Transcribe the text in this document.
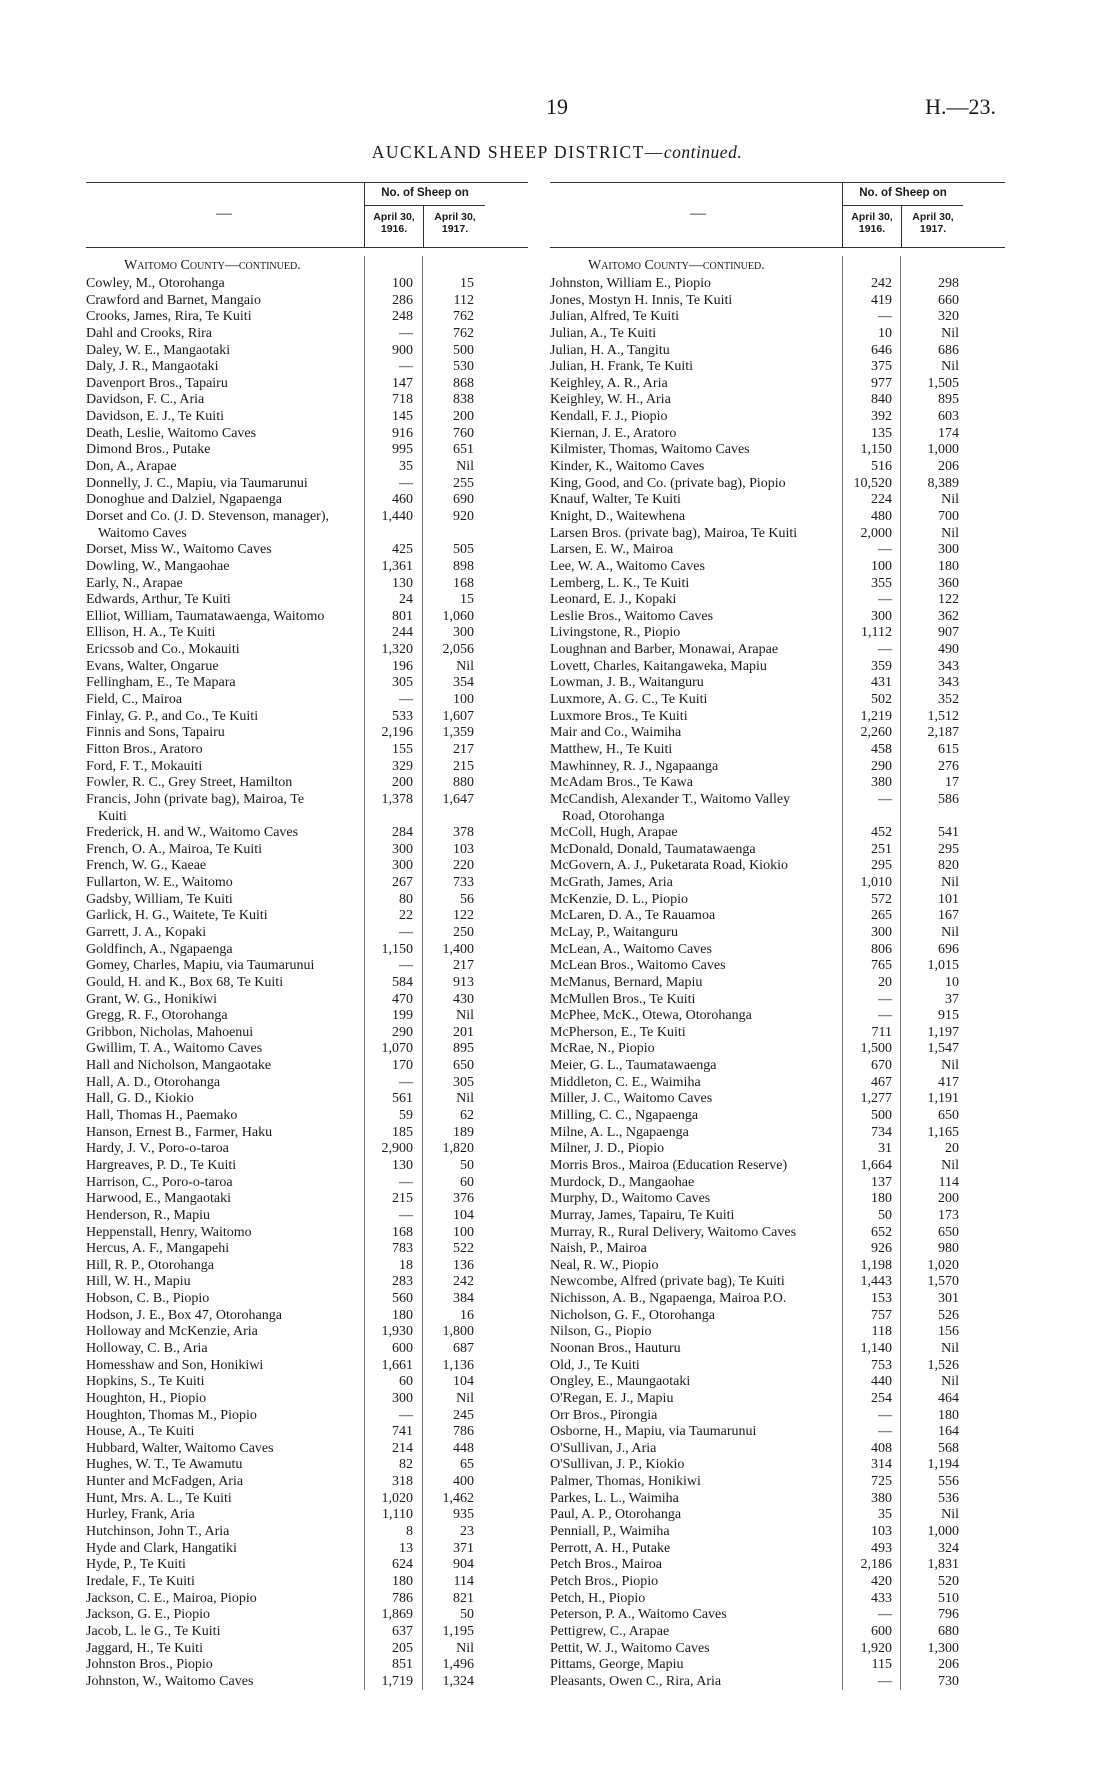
19	H.—23.
AUCKLAND SHEEP DISTRICT—continued.
—
No. of Sheep on
April 30,
1916.
April 30,
1917.
Waitomo County—continued.
Cowley, M., Otorohanga	100	15
Crawford and Barnet, Mangaio	286	112
Crooks, James, Rira, Te Kuiti	248	762
Dahl and Crooks, Rira	—	762
Daley, W. E., Mangaotaki	900	500
Daly, J. R., Mangaotaki	—	530
Davenport Bros., Tapairu	147	868
Davidson, F. C., Aria	718	838
Davidson, E. J., Te Kuiti	145	200
Death, Leslie, Waitomo Caves	916	760
Dimond Bros., Putake	995	651
Don, A., Arapae	35	Nil
Donnelly, J. C., Mapiu, via Taumarunui	—	255
Donoghue and Dalziel, Ngapaenga	460	690
Dorset and Co. (J. D. Stevenson, manager),	1,440	920
Waitomo Caves
Dorset, Miss W., Waitomo Caves	425	505
Dowling, W., Mangaohae	1,361	898
Early, N., Arapae	130	168
Edwards, Arthur, Te Kuiti	24	15
Elliot, William, Taumatawaenga, Waitomo	801	1,060
Ellison, H. A., Te Kuiti	244	300
Ericssob and Co., Mokauiti	1,320	2,056
Evans, Walter, Ongarue	196	Nil
Fellingham, E., Te Mapara	305	354
Field, C., Mairoa	—	100
Finlay, G. P., and Co., Te Kuiti	533	1,607
Finnis and Sons, Tapairu	2,196	1,359
Fitton Bros., Aratoro	155	217
Ford, F. T., Mokauiti	329	215
Fowler, R. C., Grey Street, Hamilton	200	880
Francis, John (private bag), Mairoa, Te	1,378	1,647
Kuiti
Frederick, H. and W., Waitomo Caves	284	378
French, O. A., Mairoa, Te Kuiti	300	103
French, W. G., Kaeae	300	220
Fullarton, W. E., Waitomo	267	733
Gadsby, William, Te Kuiti	80	56
Garlick, H. G., Waitete, Te Kuiti	22	122
Garrett, J. A., Kopaki	—	250
Goldfinch, A., Ngapaenga	1,150	1,400
Gomey, Charles, Mapiu, via Taumarunui	—	217
Gould, H. and K., Box 68, Te Kuiti	584	913
Grant, W. G., Honikiwi	470	430
Gregg, R. F., Otorohanga	199	Nil
Gribbon, Nicholas, Mahoenui	290	201
Gwillim, T. A., Waitomo Caves	1,070	895
Hall and Nicholson, Mangaotake	170	650
Hall, A. D., Otorohanga	—	305
Hall, G. D., Kiokio	561	Nil
Hall, Thomas H., Paemako	59	62
Hanson, Ernest B., Farmer, Haku	185	189
Hardy, J. V., Poro-o-taroa	2,900	1,820
Hargreaves, P. D., Te Kuiti	130	50
Harrison, C., Poro-o-taroa	—	60
Harwood, E., Mangaotaki	215	376
Henderson, R., Mapiu	—	104
Heppenstall, Henry, Waitomo	168	100
Hercus, A. F., Mangapehi	783	522
Hill, R. P., Otorohanga	18	136
Hill, W. H., Mapiu	283	242
Hobson, C. B., Piopio	560	384
Hodson, J. E., Box 47, Otorohanga	180	16
Holloway and McKenzie, Aria	1,930	1,800
Holloway, C. B., Aria	600	687
Homesshaw and Son, Honikiwi	1,661	1,136
Hopkins, S., Te Kuiti	60	104
Houghton, H., Piopio	300	Nil
Houghton, Thomas M., Piopio	—	245
House, A., Te Kuiti	741	786
Hubbard, Walter, Waitomo Caves	214	448
Hughes, W. T., Te Awamutu	82	65
Hunter and McFadgen, Aria	318	400
Hunt, Mrs. A. L., Te Kuiti	1,020	1,462
Hurley, Frank, Aria	1,110	935
Hutchinson, John T., Aria	8	23
Hyde and Clark, Hangatiki	13	371
Hyde, P., Te Kuiti	624	904
Iredale, F., Te Kuiti	180	114
Jackson, C. E., Mairoa, Piopio	786	821
Jackson, G. E., Piopio	1,869	50
Jacob, L. le G., Te Kuiti	637	1,195
Jaggard, H., Te Kuiti	205	Nil
Johnston Bros., Piopio	851	1,496
Johnston, W., Waitomo Caves	1,719	1,324
—
No. of Sheep on
April 30,
1916.
April 30,
1917.
Waitomo County—continued.
Johnston, William E., Piopio	242	298
Jones, Mostyn H. Innis, Te Kuiti	419	660
Julian, Alfred, Te Kuiti	—	320
Julian, A., Te Kuiti	10	Nil
Julian, H. A., Tangitu	646	686
Julian, H. Frank, Te Kuiti	375	Nil
Keighley, A. R., Aria	977	1,505
Keighley, W. H., Aria	840	895
Kendall, F. J., Piopio	392	603
Kiernan, J. E., Aratoro	135	174
Kilmister, Thomas, Waitomo Caves	1,150	1,000
Kinder, K., Waitomo Caves	516	206
King, Good, and Co. (private bag), Piopio	10,520	8,389
Knauf, Walter, Te Kuiti	224	Nil
Knight, D., Waitewhena	480	700
Larsen Bros. (private bag), Mairoa, Te Kuiti	2,000	Nil
Larsen, E. W., Mairoa	—	300
Lee, W. A., Waitomo Caves	100	180
Lemberg, L. K., Te Kuiti	355	360
Leonard, E. J., Kopaki	—	122
Leslie Bros., Waitomo Caves	300	362
Livingstone, R., Piopio	1,112	907
Loughnan and Barber, Monawai, Arapae	—	490
Lovett, Charles, Kaitangaweka, Mapiu	359	343
Lowman, J. B., Waitanguru	431	343
Luxmore, A. G. C., Te Kuiti	502	352
Luxmore Bros., Te Kuiti	1,219	1,512
Mair and Co., Waimiha	2,260	2,187
Matthew, H., Te Kuiti	458	615
Mawhinney, R. J., Ngapaanga	290	276
McAdam Bros., Te Kawa	380	17
McCandish, Alexander T., Waitomo Valley	—	586
Road, Otorohanga
McColl, Hugh, Arapae	452	541
McDonald, Donald, Taumatawaenga	251	295
McGovern, A. J., Puketarata Road, Kiokio	295	820
McGrath, James, Aria	1,010	Nil
McKenzie, D. L., Piopio	572	101
McLaren, D. A., Te Rauamoa	265	167
McLay, P., Waitanguru	300	Nil
McLean, A., Waitomo Caves	806	696
McLean Bros., Waitomo Caves	765	1,015
McManus, Bernard, Mapiu	20	10
McMullen Bros., Te Kuiti	—	37
McPhee, McK., Otewa, Otorohanga	—	915
McPherson, E., Te Kuiti	711	1,197
McRae, N., Piopio	1,500	1,547
Meier, G. L., Taumatawaenga	670	Nil
Middleton, C. E., Waimiha	467	417
Miller, J. C., Waitomo Caves	1,277	1,191
Milling, C. C., Ngapaenga	500	650
Milne, A. L., Ngapaenga	734	1,165
Milner, J. D., Piopio	31	20
Morris Bros., Mairoa (Education Reserve)	1,664	Nil
Murdock, D., Mangaohae	137	114
Murphy, D., Waitomo Caves	180	200
Murray, James, Tapairu, Te Kuiti	50	173
Murray, R., Rural Delivery, Waitomo Caves	652	650
Naish, P., Mairoa	926	980
Neal, R. W., Piopio	1,198	1,020
Newcombe, Alfred (private bag), Te Kuiti	1,443	1,570
Nichisson, A. B., Ngapaenga, Mairoa P.O.	153	301
Nicholson, G. F., Otorohanga	757	526
Nilson, G., Piopio	118	156
Noonan Bros., Hauturu	1,140	Nil
Old, J., Te Kuiti	753	1,526
Ongley, E., Maungaotaki	440	Nil
O'Regan, E. J., Mapiu	254	464
Orr Bros., Pirongia	—	180
Osborne, H., Mapiu, via Taumarunui	—	164
O'Sullivan, J., Aria	408	568
O'Sullivan, J. P., Kiokio	314	1,194
Palmer, Thomas, Honikiwi	725	556
Parkes, L. L., Waimiha	380	536
Paul, A. P., Otorohanga	35	Nil
Penniall, P., Waimiha	103	1,000
Perrott, A. H., Putake	493	324
Petch Bros., Mairoa	2,186	1,831
Petch Bros., Piopio	420	520
Petch, H., Piopio	433	510
Peterson, P. A., Waitomo Caves	—	796
Pettigrew, C., Arapae	600	680
Pettit, W. J., Waitomo Caves	1,920	1,300
Pittams, George, Mapiu	115	206
Pleasants, Owen C., Rira, Aria	—	730
